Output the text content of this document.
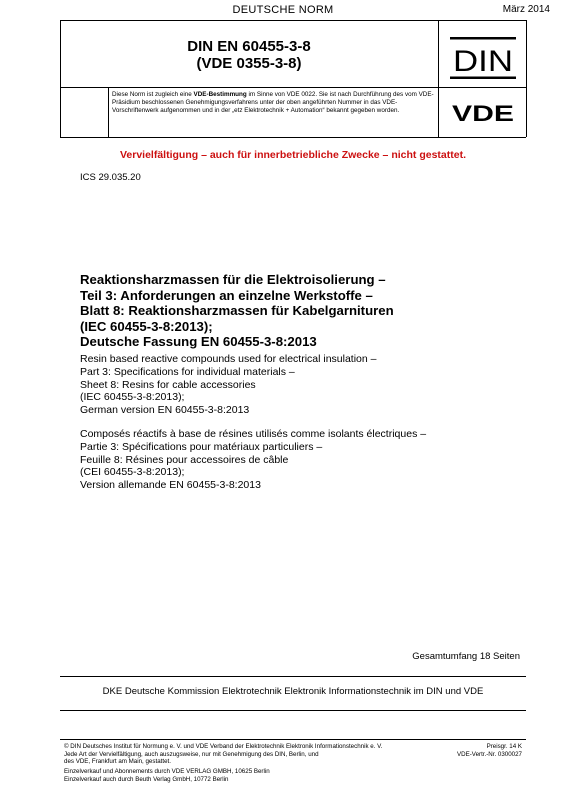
DEUTSCHE NORM	März 2014
DIN EN 60455-3-8
(VDE 0355-3-8)	DIN
VDE
Diese Norm ist zugleich eine VDE-Bestimmung im Sinne von VDE 0022. Sie ist nach Durchführung des vom VDE-Präsidium beschlossenen Genehmigungsverfahrens unter der oben angeführten Nummer in das VDE-Vorschriftenwerk aufgenommen und in der „etz Elektrotechnik + Automation“ bekannt gegeben worden.
Vervielfältigung – auch für innerbetriebliche Zwecke – nicht gestattet.
ICS 29.035.20
Reaktionsharzmassen für die Elektroisolierung –
Teil 3: Anforderungen an einzelne Werkstoffe –
Blatt 8: Reaktionsharzmassen für Kabelgarnituren
(IEC 60455-3-8:2013);
Deutsche Fassung EN 60455-3-8:2013
Resin based reactive compounds used for electrical insulation –
Part 3: Specifications for individual materials –
Sheet 8: Resins for cable accessories
(IEC 60455-3-8:2013);
German version EN 60455-3-8:2013
Composés réactifs à base de résines utilisés comme isolants électriques –
Partie 3: Spécifications pour matériaux particuliers –
Feuille 8: Résines pour accessoires de câble
(CEI 60455-3-8:2013);
Version allemande EN 60455-3-8:2013
Gesamtumfang 18 Seiten
DKE Deutsche Kommission Elektrotechnik Elektronik Informationstechnik im DIN und VDE
© DIN Deutsches Institut für Normung e. V. und VDE Verband der Elektrotechnik Elektronik Informationstechnik e. V.
Jede Art der Vervielfältigung, auch auszugsweise, nur mit Genehmigung des DIN, Berlin, und
des VDE, Frankfurt am Main, gestattet.
Preisgr. 14 K
VDE-Vertr.-Nr. 0300027
Einzelverkauf und Abonnements durch VDE VERLAG GMBH, 10625 Berlin
Einzelverkauf auch durch Beuth Verlag GmbH, 10772 Berlin
